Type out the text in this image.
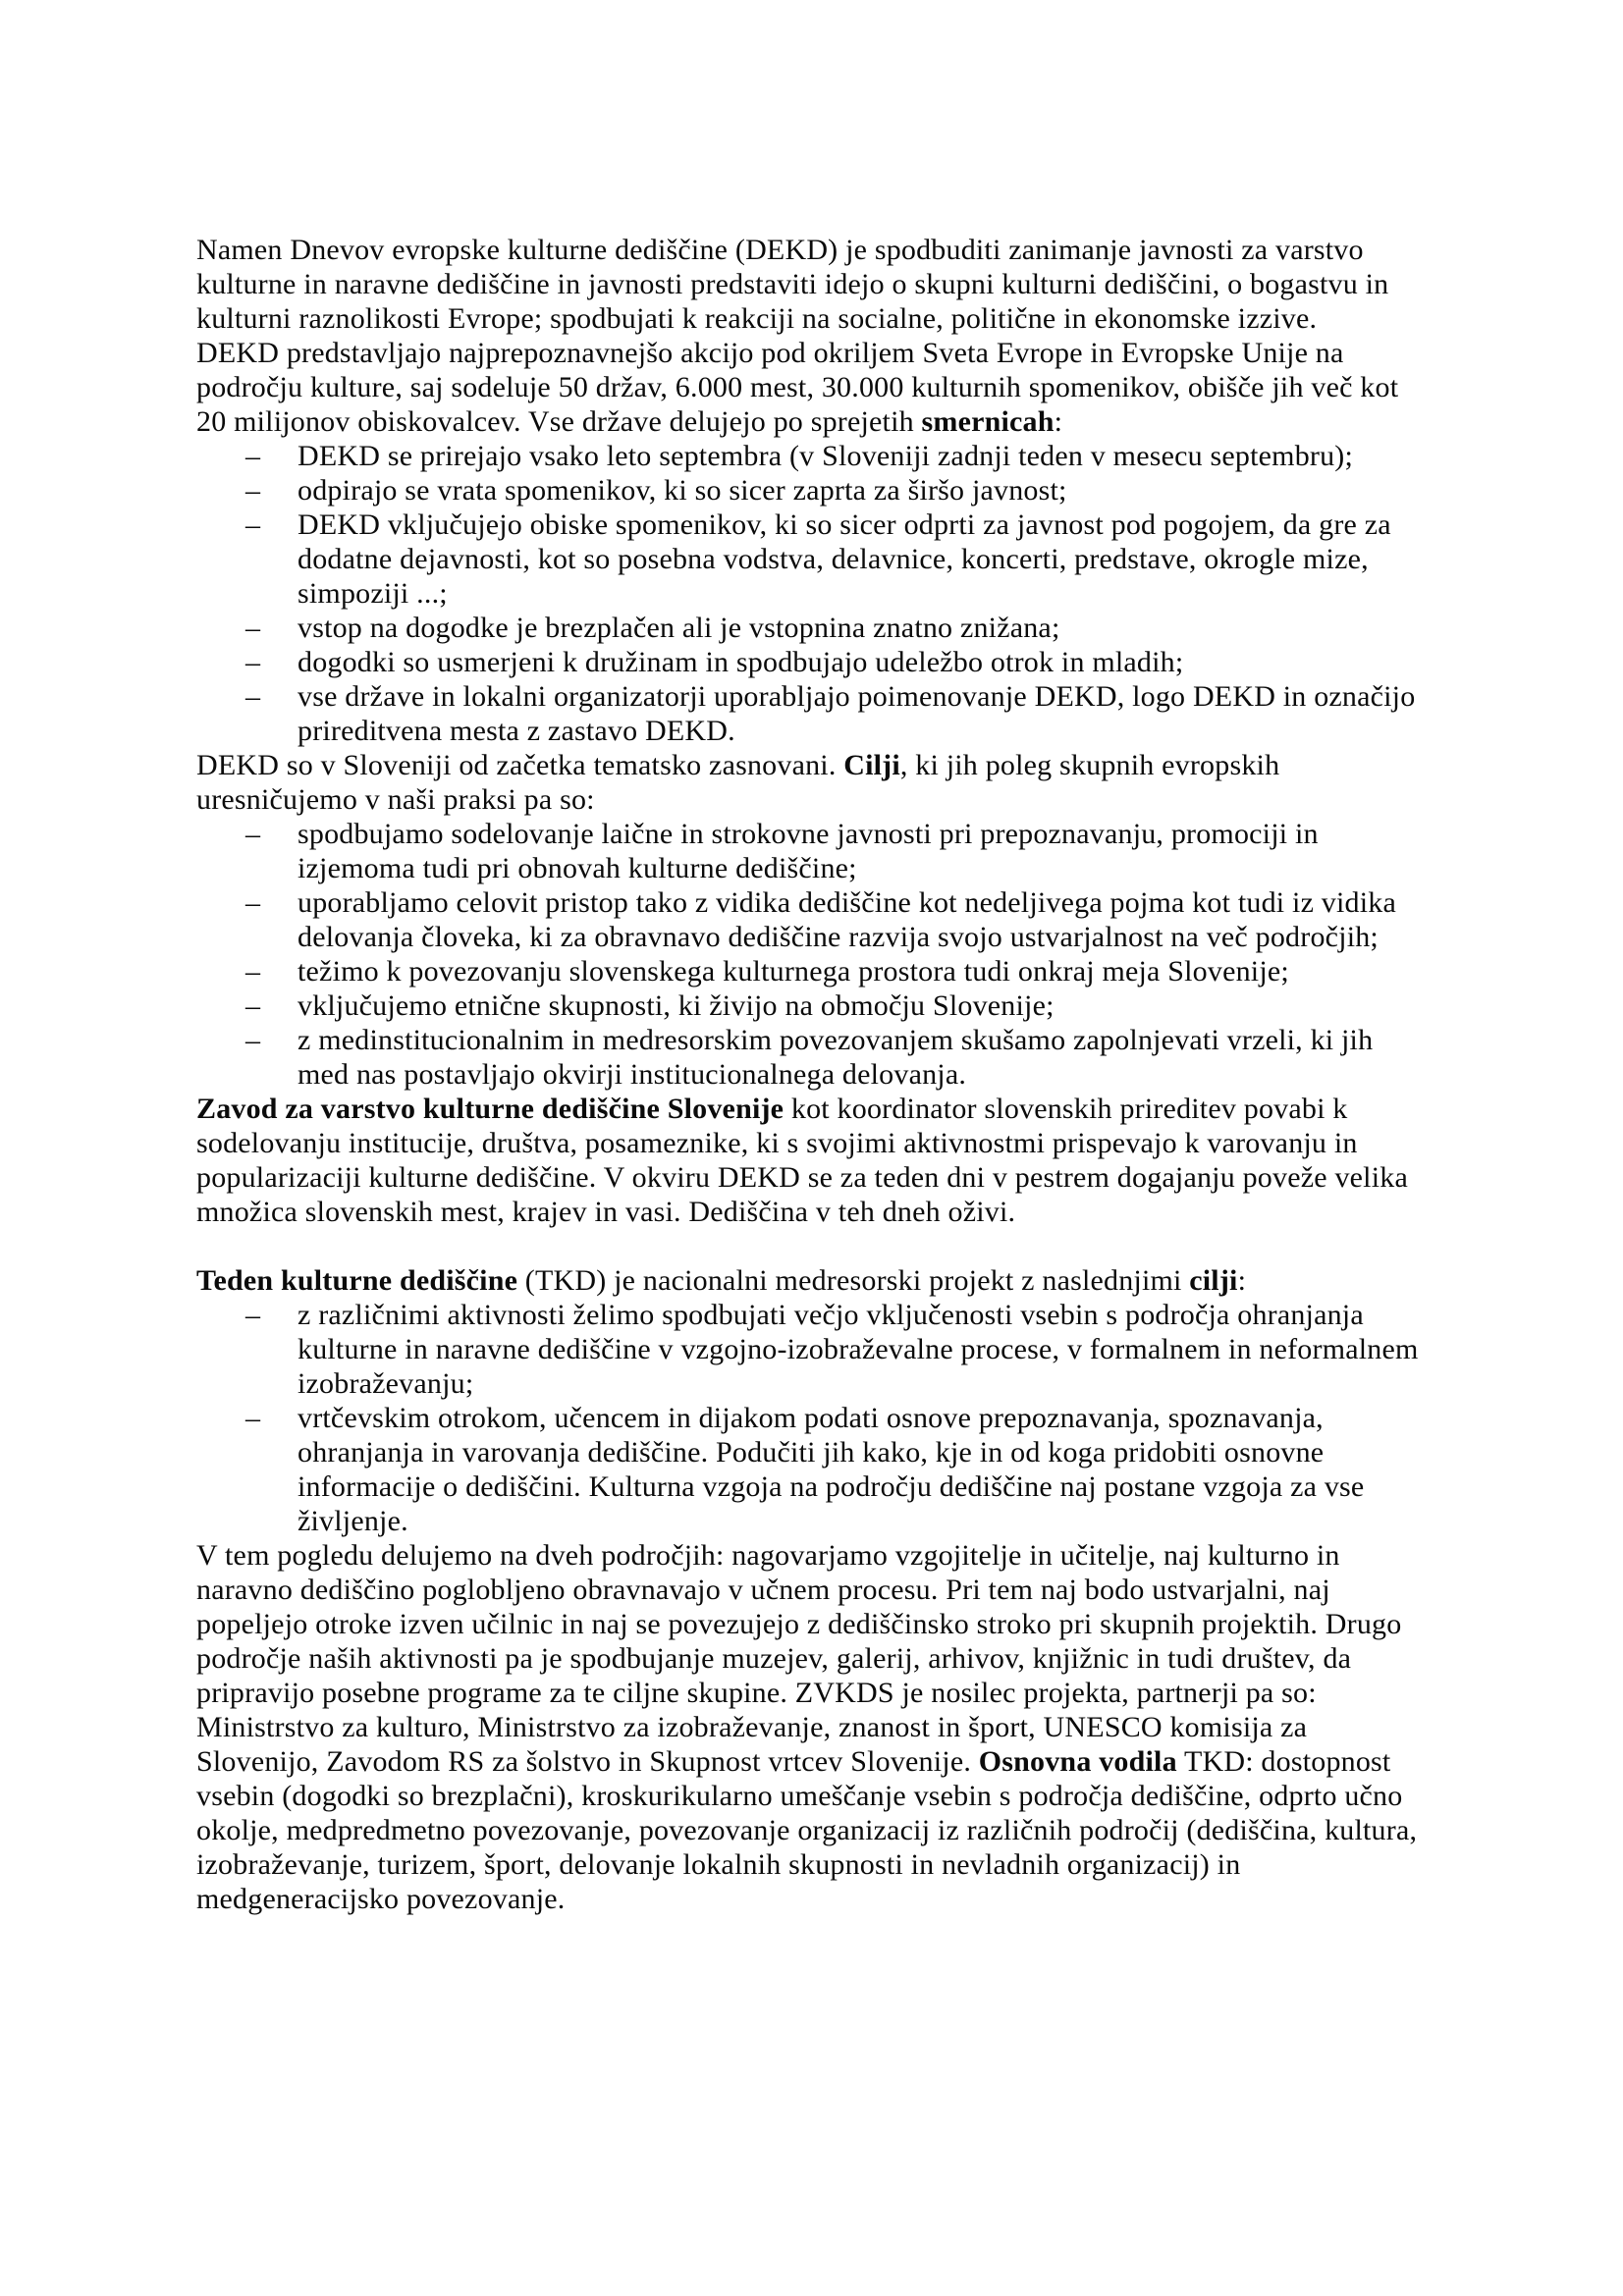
Namen Dnevov evropske kulturne dediščine (DEKD) je spodbuditi zanimanje javnosti za varstvo kulturne in naravne dediščine in javnosti predstaviti idejo o skupni kulturni dediščini, o bogastvu in kulturni raznolikosti Evrope; spodbujati k reakciji na socialne, politične in ekonomske izzive.

DEKD predstavljajo najprepoznavnejšo akcijo pod okriljem Sveta Evrope in Evropske Unije na področju kulture, saj sodeluje 50 držav, 6.000 mest, 30.000 kulturnih spomenikov, obišče jih več kot 20 milijonov obiskovalcev. Vse države delujejo po sprejetih smernicah:

– DEKD se prirejajo vsako leto septembra (v Sloveniji zadnji teden v mesecu septembru);
– odpirajo se vrata spomenikov, ki so sicer zaprta za širšo javnost;
– DEKD vključujejo obiske spomenikov, ki so sicer odprti za javnost pod pogojem, da gre za dodatne dejavnosti, kot so posebna vodstva, delavnice, koncerti, predstave, okrogle mize, simpoziji ...;
– vstop na dogodke je brezplačen ali je vstopnina znatno znižana;
– dogodki so usmerjeni k družinam in spodbujajo udeležbo otrok in mladih;
– vse države in lokalni organizatorji uporabljajo poimenovanje DEKD, logo DEKD in označijo prireditvena mesta z zastavo DEKD.

DEKD so v Sloveniji od začetka tematsko zasnovani. Cilji, ki jih poleg skupnih evropskih uresničujemo v naši praksi pa so:

– spodbujamo sodelovanje laične in strokovne javnosti pri prepoznavanju, promociji in izjemoma tudi pri obnovah kulturne dediščine;
– uporabljamo celovit pristop tako z vidika dediščine kot nedeljivega pojma kot tudi iz vidika delovanja človeka, ki za obravnavo dediščine razvija svojo ustvarjalnost na več področjih;
– težimo k povezovanju slovenskega kulturnega prostora tudi onkraj meja Slovenije;
– vključujemo etnične skupnosti, ki živijo na območju Slovenije;
– z medinstitucionalnim in medresorskim povezovanjem skušamo zapolnjevati vrzeli, ki jih med nas postavljajo okvirji institucionalnega delovanja.

Zavod za varstvo kulturne dediščine Slovenije kot koordinator slovenskih prireditev povabi k sodelovanju institucije, društva, posameznike, ki s svojimi aktivnostmi prispevajo k varovanju in popularizaciji kulturne dediščine. V okviru DEKD se za teden dni v pestrem dogajanju poveže velika množica slovenskih mest, krajev in vasi. Dediščina v teh dneh oživi.

Teden kulturne dediščine (TKD) je nacionalni medresorski projekt z naslednjimi cilji:

– z različnimi aktivnosti želimo spodbujati večjo vključenosti vsebin s področja ohranjanja kulturne in naravne dediščine v vzgojno-izobraževalne procese, v formalnem in neformalnem izobraževanju;
– vrtčevskim otrokom, učencem in dijakom podati osnove prepoznavanja, spoznavanja, ohranjanja in varovanja dediščine. Podučiti jih kako, kje in od koga pridobiti osnovne informacije o dediščini. Kulturna vzgoja na področju dediščine naj postane vzgoja za vse življenje.

V tem pogledu delujemo na dveh področjih: nagovarjamo vzgojitelje in učitelje, naj kulturno in naravno dediščino poglobljeno obravnavajo v učnem procesu. Pri tem naj bodo ustvarjalni, naj popeljejo otroke izven učilnic in naj se povezujejo z dediščinsko stroko pri skupnih projektih. Drugo področje naših aktivnosti pa je spodbujanje muzejev, galerij, arhivov, knjižnic in tudi društev, da pripravijo posebne programe za te ciljne skupine. ZVKDS je nosilec projekta, partnerji pa so: Ministrstvo za kulturo, Ministrstvo za izobraževanje, znanost in šport, UNESCO komisija za Slovenijo, Zavodom RS za šolstvo in Skupnost vrtcev Slovenije. Osnovna vodila TKD: dostopnost vsebin (dogodki so brezplačni), kroskurikularno umeščanje vsebin s področja dediščine, odprto učno okolje, medpredmetno povezovanje, povezovanje organizacij iz različnih področij (dediščina, kultura, izobraževanje, turizem, šport, delovanje lokalnih skupnosti in nevladnih organizacij) in medgeneracijsko povezovanje.
